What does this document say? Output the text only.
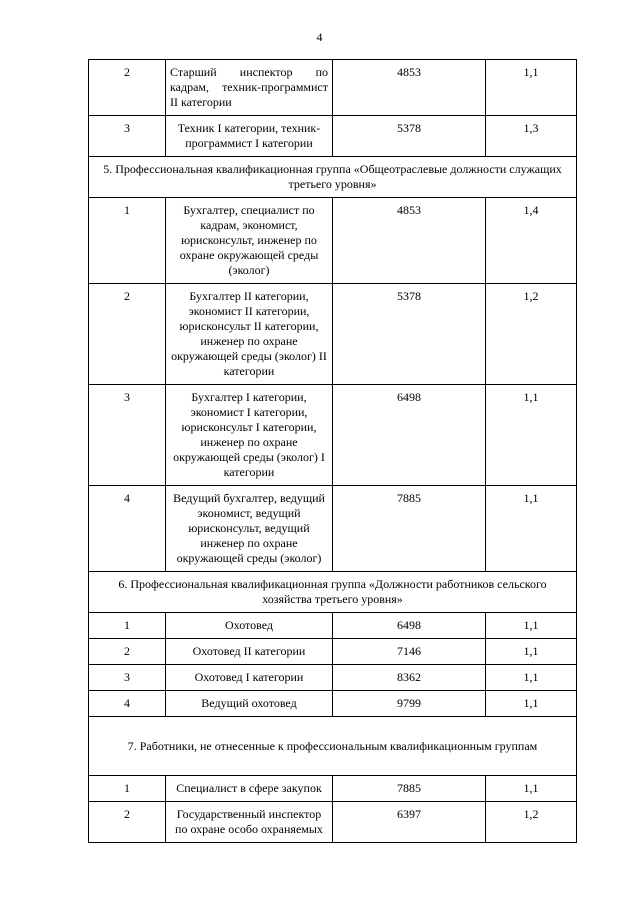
4
2	Старший инспектор по кадрам, техник-программист II категории	4853	1,1
3	Техник I категории, техник-программист I категории	5378	1,3
5. Профессиональная квалификационная группа «Общеотраслевые должности служащих третьего уровня»			
1	Бухгалтер, специалист по кадрам, экономист, юрисконсульт, инженер по охране окружающей среды (эколог)	4853	1,4
2	Бухгалтер II категории, экономист II категории, юрисконсульт II категории, инженер по охране окружающей среды (эколог) II категории	5378	1,2
3	Бухгалтер I категории, экономист I категории, юрисконсульт I категории, инженер по охране окружающей среды (эколог) I категории	6498	1,1
4	Ведущий бухгалтер, ведущий экономист, ведущий юрисконсульт, ведущий инженер по охране окружающей среды (эколог)	7885	1,1
6. Профессиональная квалификационная группа «Должности работников сельского хозяйства третьего уровня»			
1	Охотовед	6498	1,1
2	Охотовед II категории	7146	1,1
3	Охотовед I категории	8362	1,1
4	Ведущий охотовед	9799	1,1
7. Работники, не отнесенные к профессиональным квалификационным группам			
1	Специалист в сфере закупок	7885	1,1
2	Государственный инспектор по охране особо охраняемых	6397	1,2
